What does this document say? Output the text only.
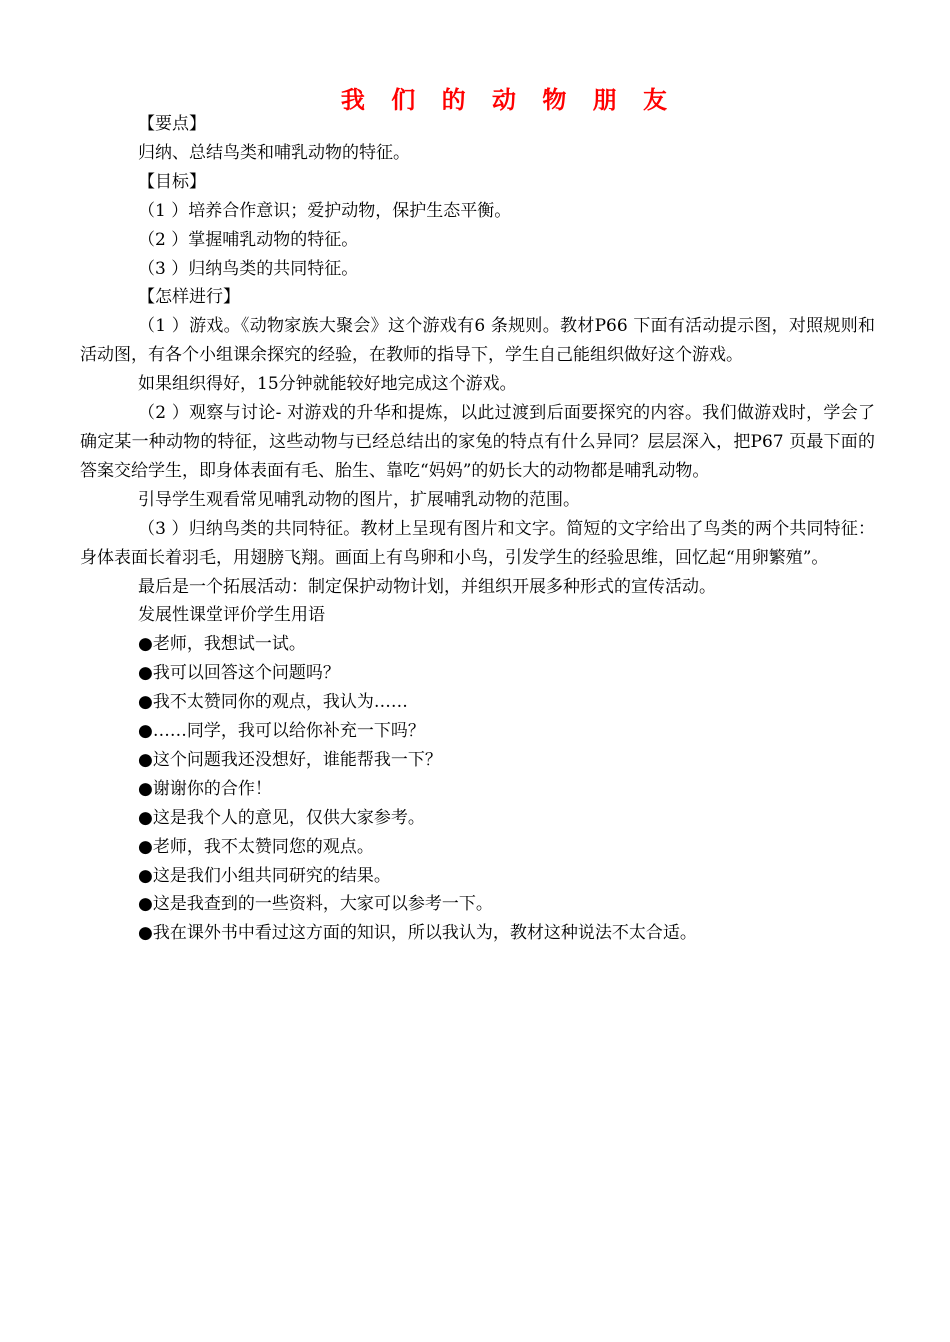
我 们 的 动 物 朋 友

【要点】

归纳、总结鸟类和哺乳动物的特征。

【目标】

（1 ）培养合作意识；爱护动物，保护生态平衡。

（2 ）掌握哺乳动物的特征。

（3 ）归纳鸟类的共同特征。

【怎样进行】

（1 ）游戏。《动物家族大聚会》这个游戏有6 条规则。教材P66 下面有活动提示图，对照规则和活动图，有各个小组课余探究的经验，在教师的指导下，学生自己能组织做好这个游戏。

如果组织得好，15分钟就能较好地完成这个游戏。

（2 ）观察与讨论- 对游戏的升华和提炼，以此过渡到后面要探究的内容。我们做游戏时，学会了确定某一种动物的特征，这些动物与已经总结出的家兔的特点有什么异同？层层深入，把P67 页最下面的答案交给学生，即身体表面有毛、胎生、靠吃“妈妈”的奶长大的动物都是哺乳动物。

引导学生观看常见哺乳动物的图片，扩展哺乳动物的范围。

（3 ）归纳鸟类的共同特征。教材上呈现有图片和文字。简短的文字给出了鸟类的两个共同特征：身体表面长着羽毛，用翅膀飞翔。画面上有鸟卵和小鸟，引发学生的经验思维，回忆起“用卵繁殖”。

最后是一个拓展活动：制定保护动物计划，并组织开展多种形式的宣传活动。

发展性课堂评价学生用语

●老师，我想试一试。
●我可以回答这个问题吗？
●我不太赞同你的观点，我认为……
●……同学，我可以给你补充一下吗？
●这个问题我还没想好，谁能帮我一下？
●谢谢你的合作！
●这是我个人的意见，仅供大家参考。
●老师，我不太赞同您的观点。
●这是我们小组共同研究的结果。
●这是我查到的一些资料，大家可以参考一下。
●我在课外书中看过这方面的知识，所以我认为，教材这种说法不太合适。
